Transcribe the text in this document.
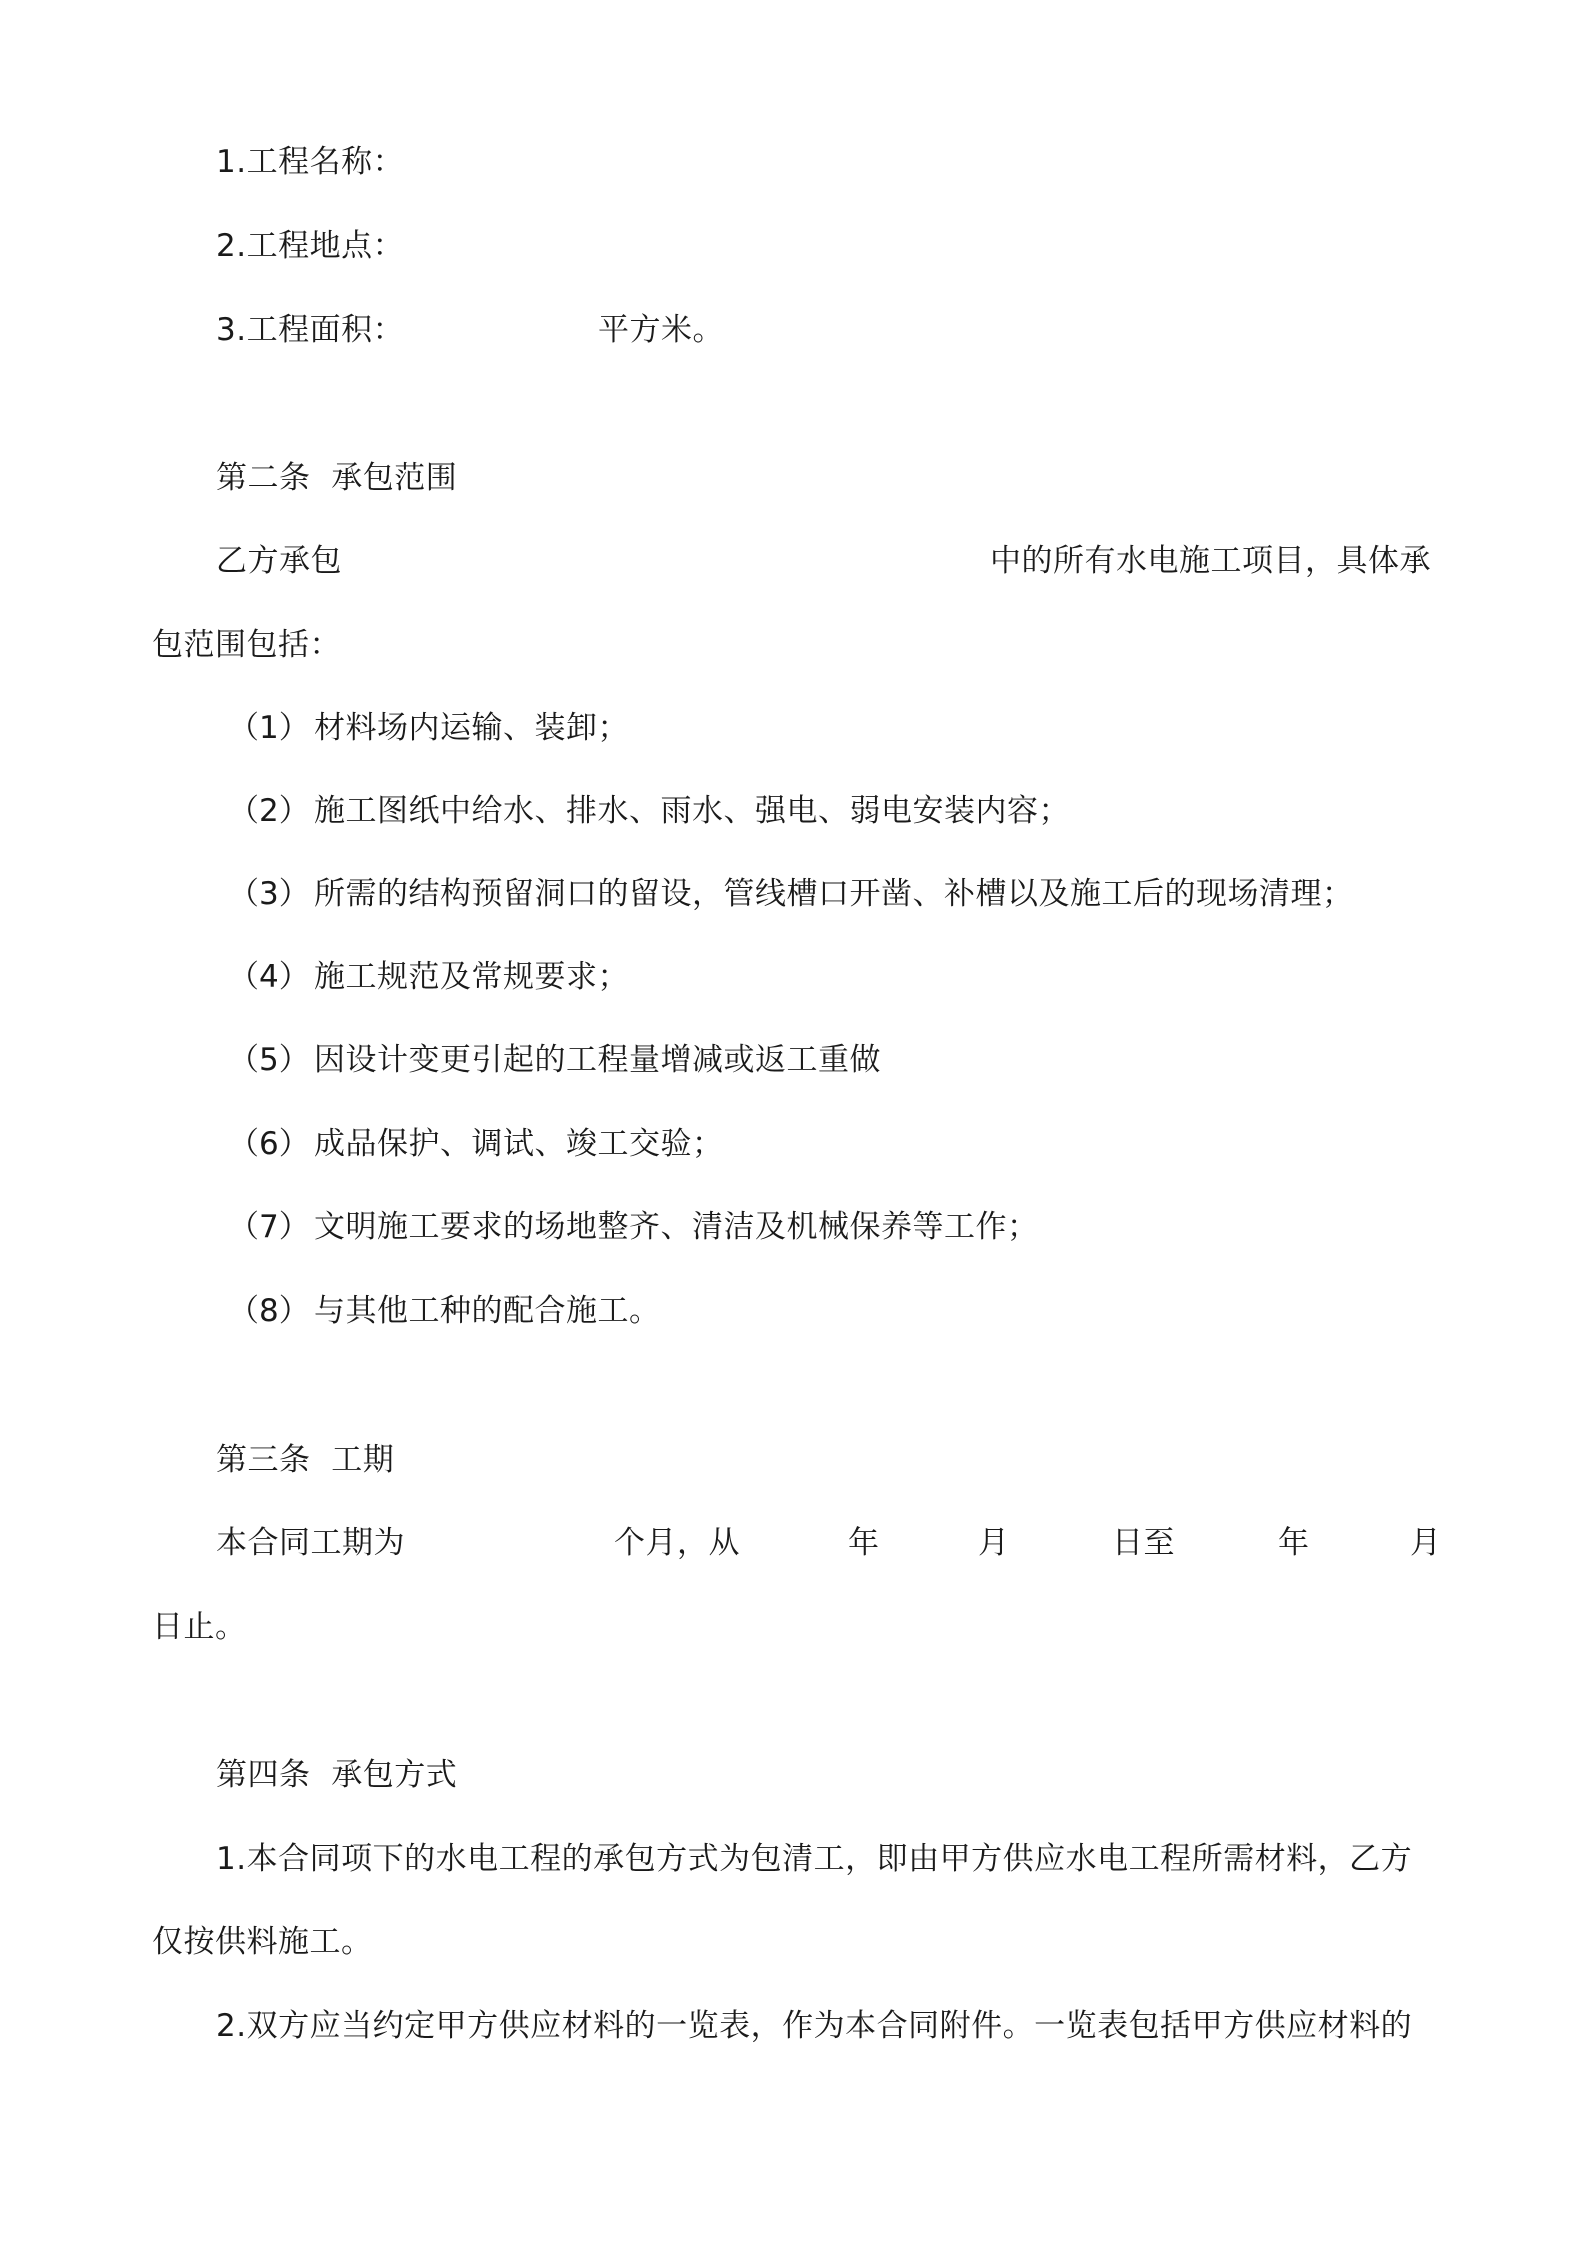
1.工程名称：
2.工程地点：
3.工程面积：	平方米。
第二条  承包范围
乙方承包	中的所有水电施工项目，具体承
包范围包括：
（1） 材料场内运输、装卸；
（2） 施工图纸中给水、排水、雨水、强电、弱电安装内容；
（3） 所需的结构预留洞口的留设，管线槽口开凿、补槽以及施工后的现场清理；
（4） 施工规范及常规要求；
（5） 因设计变更引起的工程量增减或返工重做
（6） 成品保护、调试、竣工交验；
（7） 文明施工要求的场地整齐、清洁及机械保养等工作；
（8） 与其他工种的配合施工。
第三条  工期
本合同工期为	个月，从	年	月	日至	年	月
日止。
第四条  承包方式
1.本合同项下的水电工程的承包方式为包清工，即由甲方供应水电工程所需材料，乙方
仅按供料施工。
2.双方应当约定甲方供应材料的一览表，作为本合同附件。一览表包括甲方供应材料的
